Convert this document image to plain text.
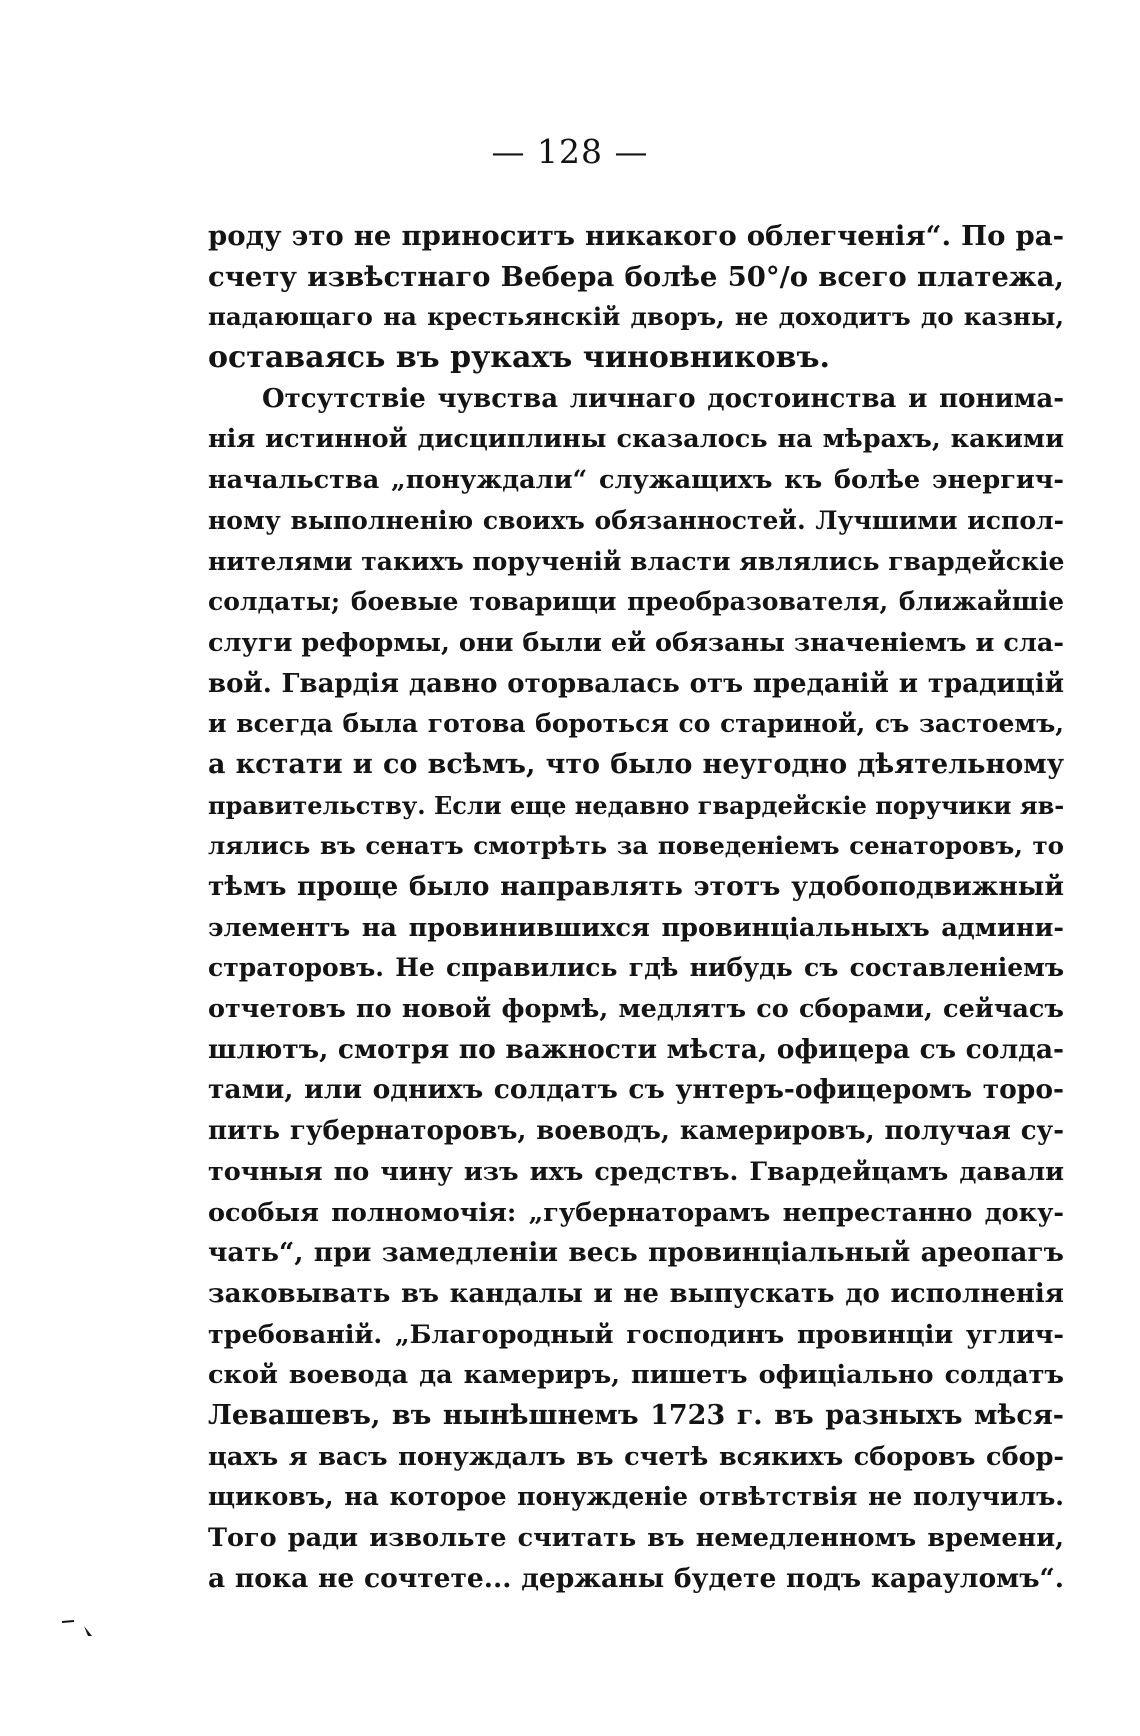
— 128 —
роду это не приноситъ никакого облегченія“. По ра-
счету извѣстнаго Вебера болѣе 50°/о всего платежа,
падающаго на крестьянскій дворъ, не доходитъ до казны,
оставаясь въ рукахъ чиновниковъ.
Отсутствіе чувства личнаго достоинства и понима-
нія истинной дисциплины сказалось на мѣрахъ, какими
начальства „понуждали“ служащихъ къ болѣе энергич-
ному выполненію своихъ обязанностей. Лучшими испол-
нителями такихъ порученій власти являлись гвардейскіе
солдаты; боевые товарищи преобразователя, ближайшіе
слуги реформы, они были ей обязаны значеніемъ и сла-
вой. Гвардія давно оторвалась отъ преданій и традицій
и всегда была готова бороться со стариной, съ застоемъ,
а кстати и со всѣмъ, что было неугодно дѣятельному
правительству. Если еще недавно гвардейскіе поручики яв-
лялись въ сенатъ смотрѣть за поведеніемъ сенаторовъ, то
тѣмъ проще было направлять этотъ удобоподвижный
элементъ на провинившихся провинціальныхъ админи-
страторовъ. Не справились гдѣ нибудь съ составленіемъ
отчетовъ по новой формѣ, медлятъ со сборами, сейчасъ
шлютъ, смотря по важности мѣста, офицера съ солда-
тами, или однихъ солдатъ съ унтеръ-офицеромъ торо-
пить губернаторовъ, воеводъ, камерировъ, получая су-
точныя по чину изъ ихъ средствъ. Гвардейцамъ давали
особыя полномочія: „губернаторамъ непрестанно доку-
чать“, при замедленіи весь провинціальный ареопагъ
заковывать въ кандалы и не выпускать до исполненія
требованій. „Благородный господинъ провинціи углич-
ской воевода да камериръ, пишетъ офиціально солдатъ
Левашевъ, въ нынѣшнемъ 1723 г. въ разныхъ мѣся-
цахъ я васъ понуждалъ въ счетѣ всякихъ сборовъ сбор-
щиковъ, на которое понужденіе отвѣтствія не получилъ.
Того ради извольте считать въ немедленномъ времени,
а пока не сочтете... держаны будете подъ карауломъ“.
